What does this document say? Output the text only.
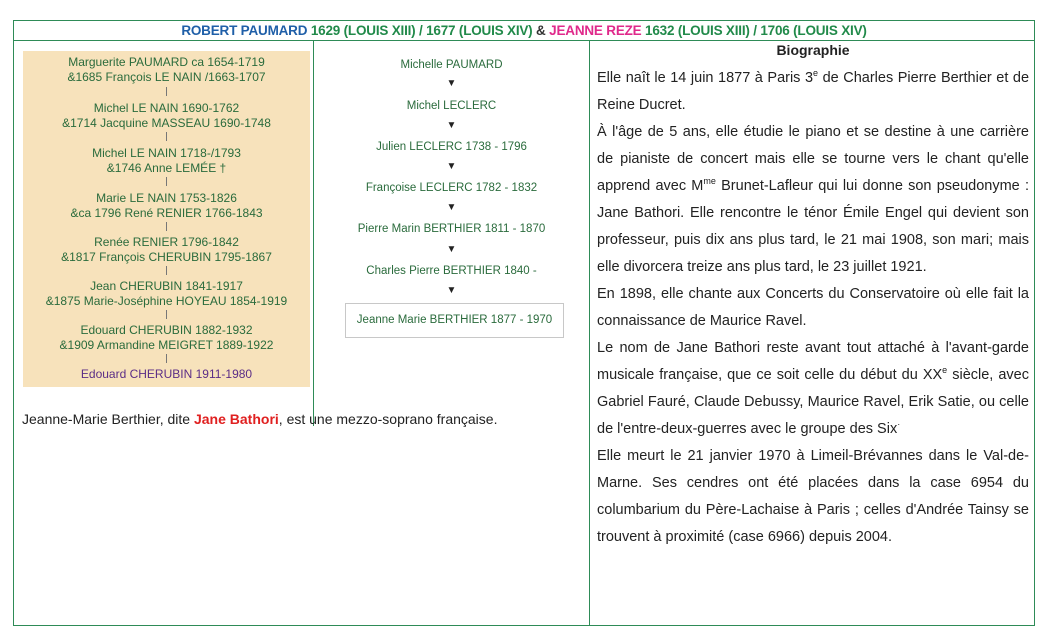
ROBERT PAUMARD 1629 (LOUIS XIII) / 1677 (LOUIS XIV) & JEANNE REZE 1632 (LOUIS XIII) / 1706 (LOUIS XIV)
Marguerite PAUMARD ca 1654-1719
&1685 François LE NAIN /1663-1707
Michel LE NAIN 1690-1762
&1714 Jacquine MASSEAU 1690-1748
Michel LE NAIN 1718-/1793
&1746 Anne LEMÉE †
Marie LE NAIN 1753-1826
&ca 1796 René RENIER 1766-1843
Renée RENIER 1796-1842
&1817 François CHERUBIN 1795-1867
Jean CHERUBIN 1841-1917
&1875 Marie-Joséphine HOYEAU 1854-1919
Edouard CHERUBIN 1882-1932
&1909 Armandine MEIGRET 1889-1922
Edouard CHERUBIN 1911-1980
Jeanne-Marie Berthier, dite Jane Bathori, est une mezzo-soprano française.
Michelle PAUMARD
▼
Michel LECLERC
▼
Julien LECLERC 1738 - 1796
▼
Françoise LECLERC 1782 - 1832
▼
Pierre Marin BERTHIER 1811 - 1870
▼
Charles Pierre BERTHIER 1840 -
▼
Jeanne Marie BERTHIER 1877 - 1970
Biographie

Elle naît le 14 juin 1877 à Paris 3e de Charles Pierre Berthier et de Reine Ducret.

À l'âge de 5 ans, elle étudie le piano et se destine à une carrière de pianiste de concert mais elle se tourne vers le chant qu'elle apprend avec $M^{me}$ Brunet-Lafleur qui lui donne son pseudonyme : Jane Bathori. Elle rencontre le ténor Émile Engel qui devient son professeur, puis dix ans plus tard, le 21 mai 1908, son mari; mais elle divorcera treize ans plus tard, le 23 juillet 1921.

En 1898, elle chante aux Concerts du Conservatoire où elle fait la connaissance de Maurice Ravel.

Le nom de Jane Bathori reste avant tout attaché à l'avant-garde musicale française, que ce soit celle du début du XXe siècle, avec Gabriel Fauré, Claude Debussy, Maurice Ravel, Erik Satie, ou celle de l'entre-deux-guerres avec le groupe des Six·

Elle meurt le 21 janvier 1970 à Limeil-Brévannes dans le Val-de-Marne. Ses cendres ont été placées dans la case 6954 du columbarium du Père-Lachaise à Paris ; celles d'Andrée Tainsy se trouvent à proximité (case 6966) depuis 2004.
